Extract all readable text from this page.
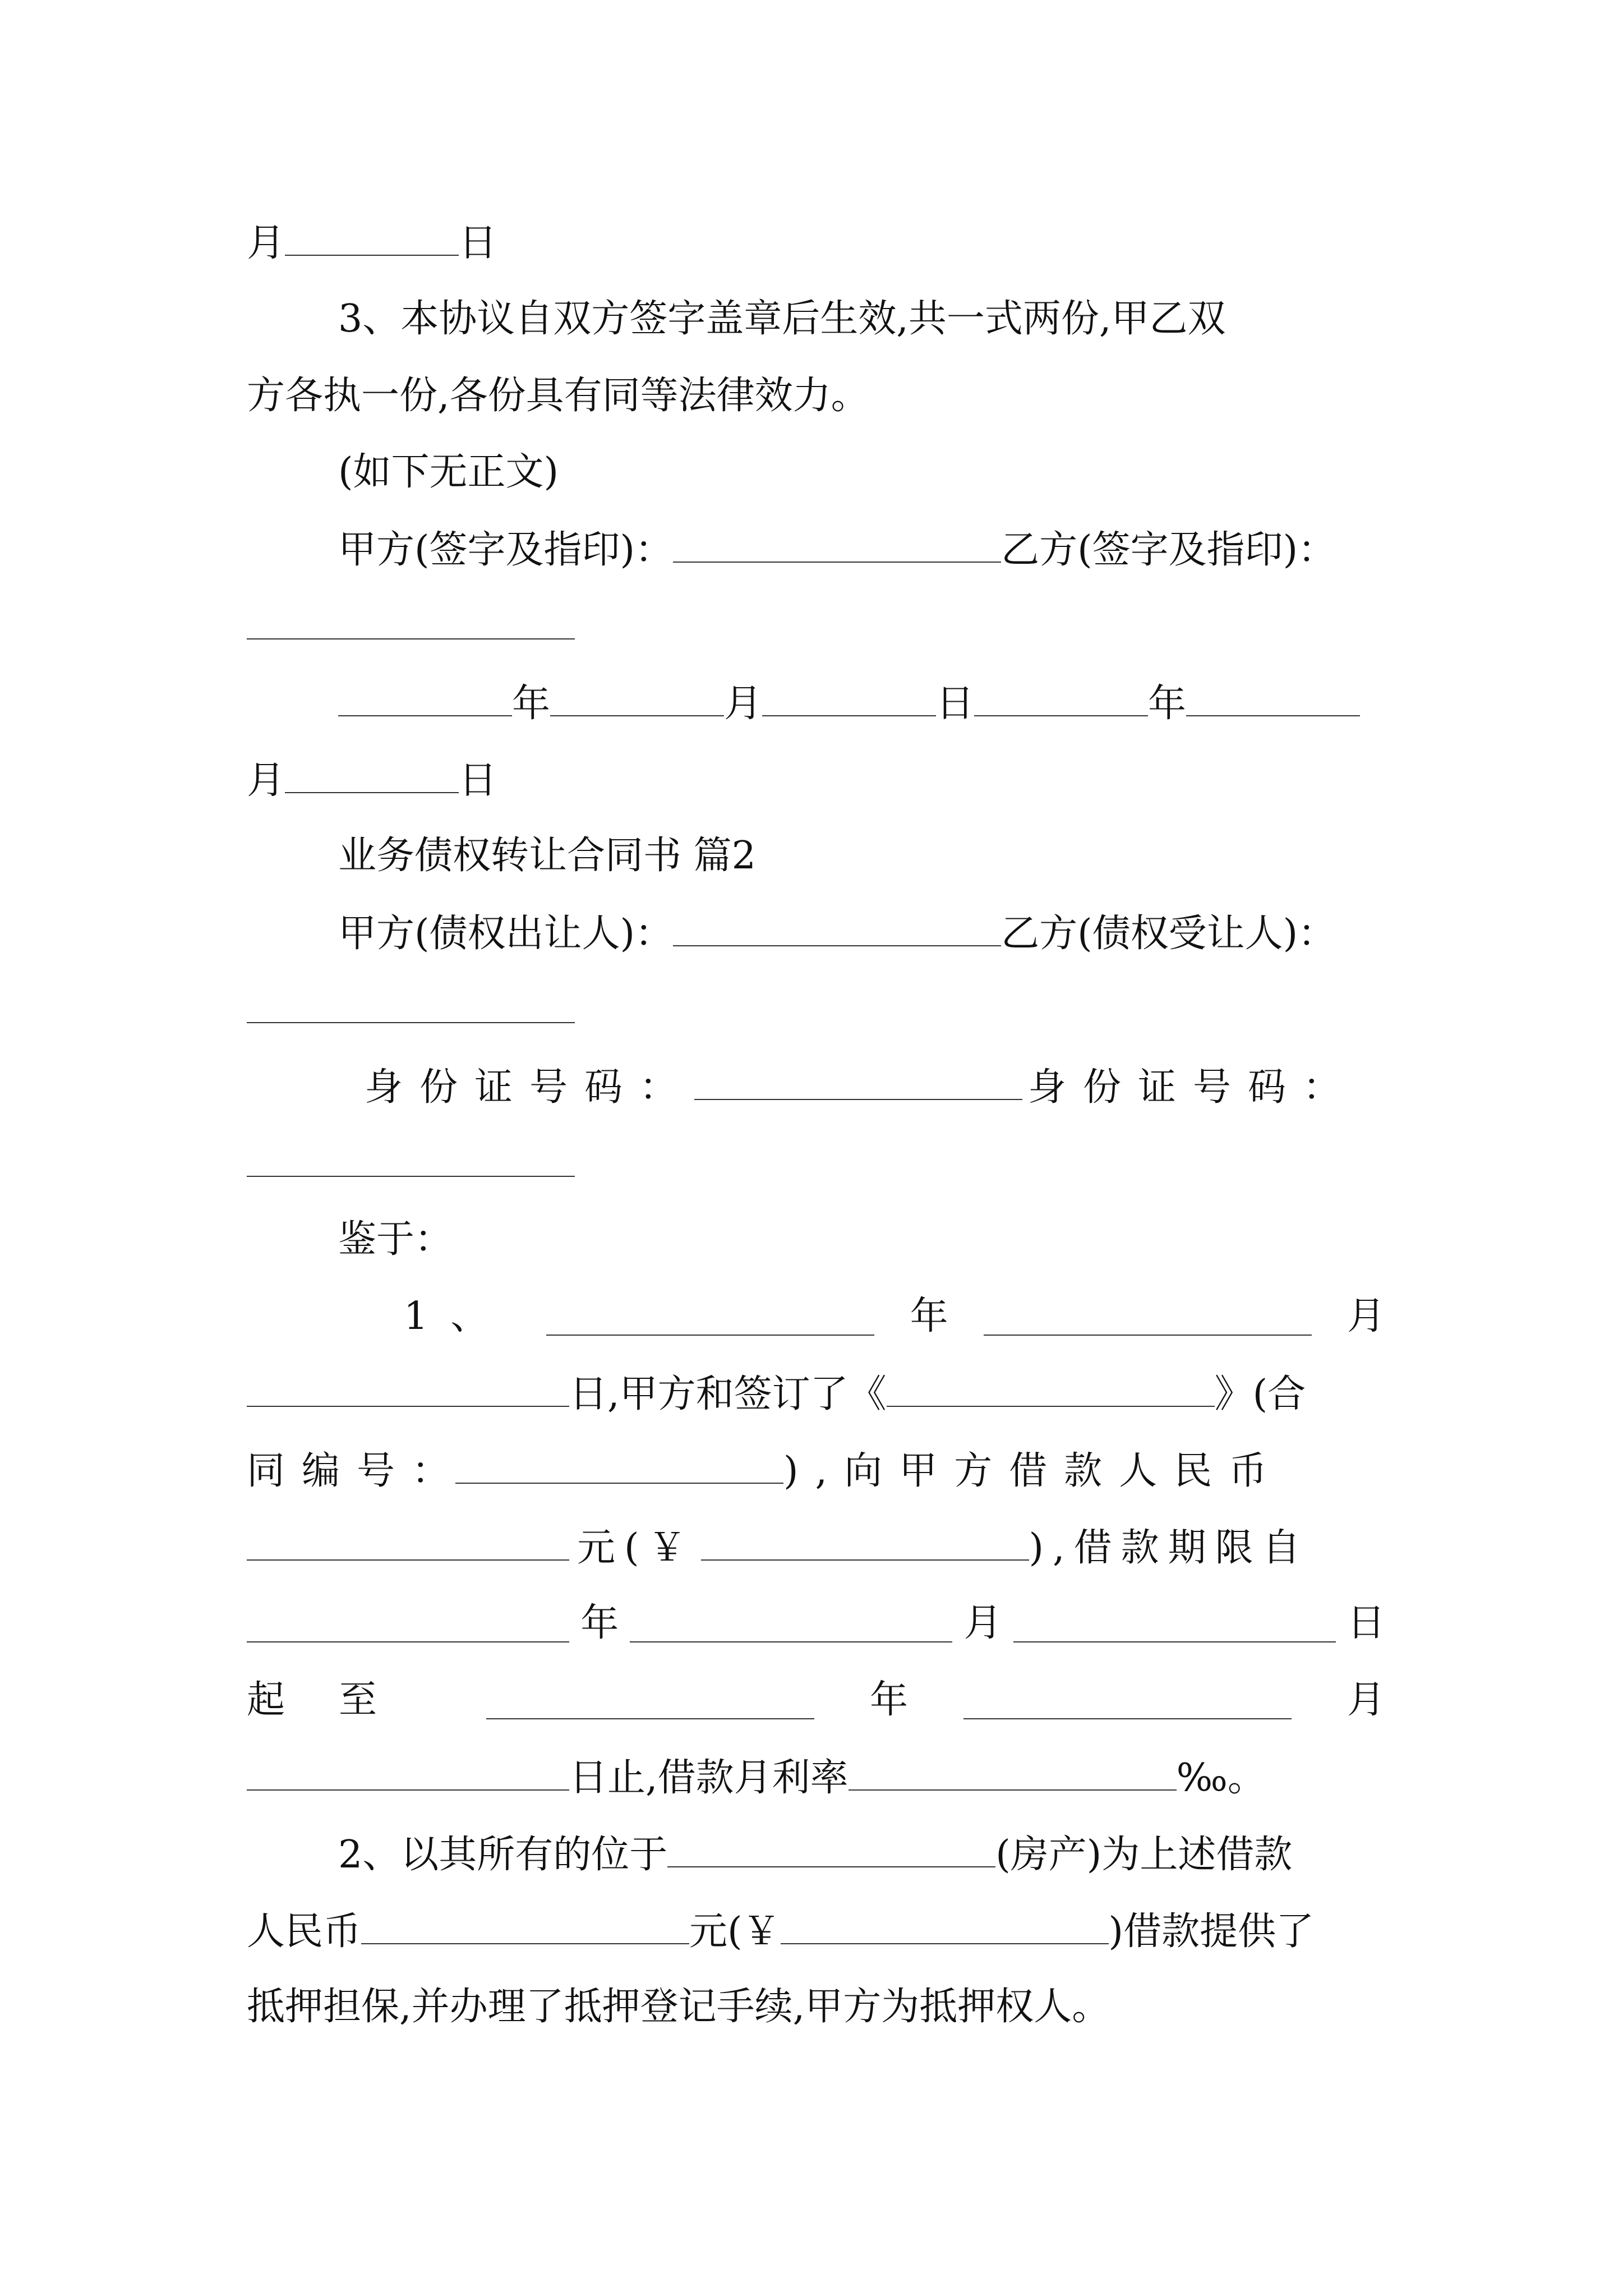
月	日
3、本协议自双方签字盖章后生效,共一式两份,甲乙双
方各执一份,各份具有同等法律效力。
(如下无正文)
甲方(签字及指印)：	乙方(签字及指印)：
年	月	日	年
月	日
业务债权转让合同书 篇2
甲方(债权出让人)：	乙方(债权受让人)：
身份证号码：	身份证号码：
鉴于：
1、	年	月
日,甲方和签订了《	》(合
同编号：	),向甲方借款人民币
元(￥	),借款期限自
年	月	日
起至	年	月
日止,借款月利率	‰。
2、以其所有的位于	(房产)为上述借款
人民币	元(￥	)借款提供了
抵押担保,并办理了抵押登记手续,甲方为抵押权人。
